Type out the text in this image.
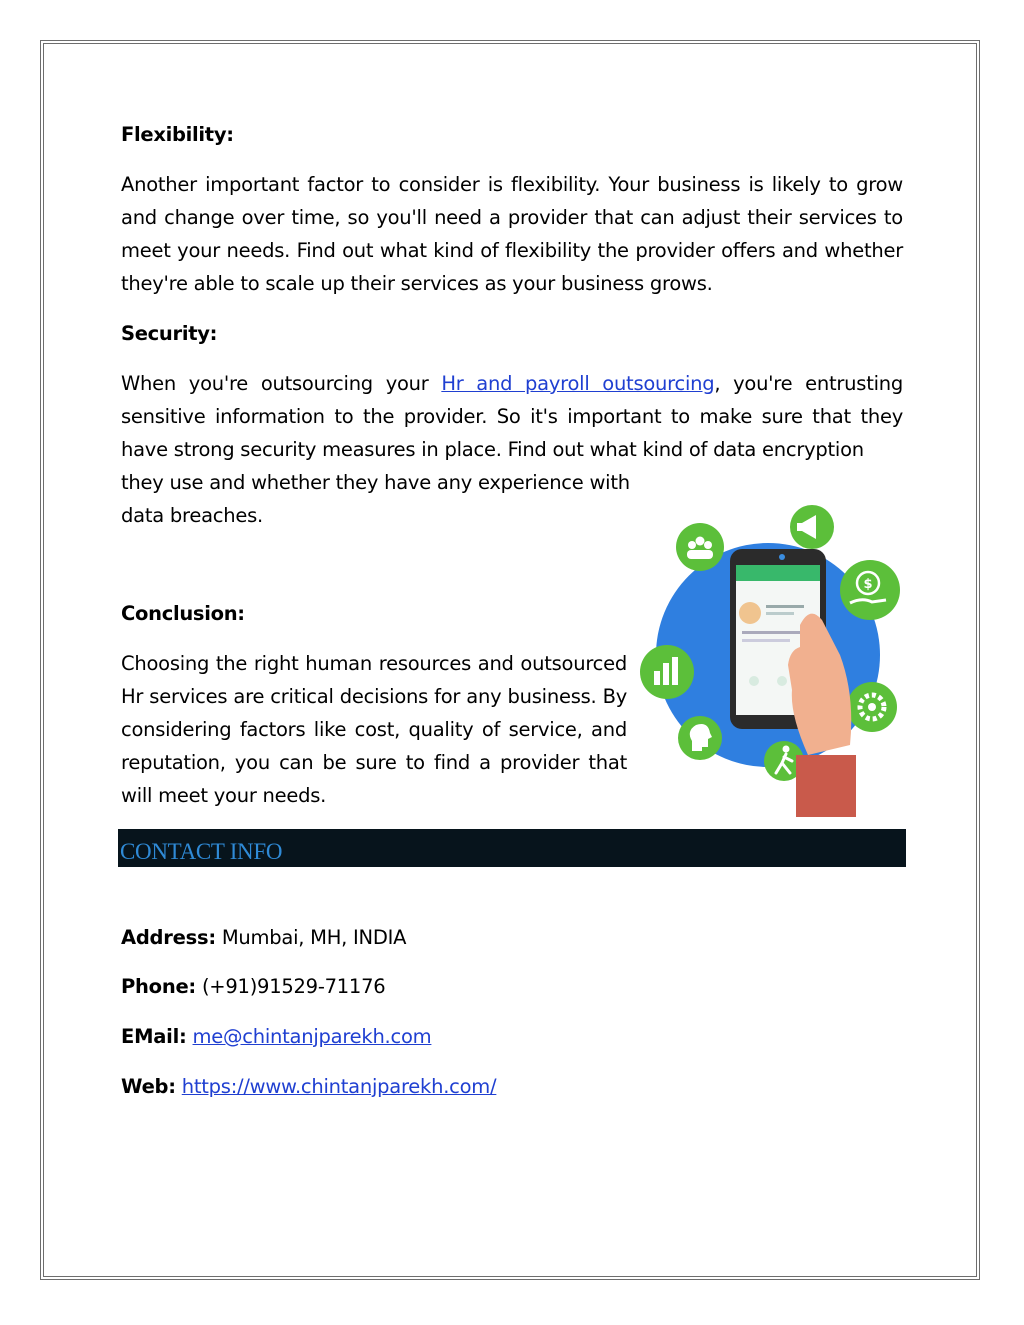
Flexibility:

Another important factor to consider is flexibility. Your business is likely to grow and change over time, so you'll need a provider that can adjust their services to meet your needs. Find out what kind of flexibility the provider offers and whether they're able to scale up their services as your business grows.

Security:

When you're outsourcing your Hr and payroll outsourcing, you're entrusting sensitive information to the provider. So it's important to make sure that they have strong security measures in place. Find out what kind of data encryption

they use and whether they have any experience with
data breaches.
Conclusion:

Choosing the right human resources and outsourced Hr services are critical decisions for any business. By considering factors like cost, quality of service, and reputation, you can be sure to find a provider that will meet your needs.

$
CONTACT INFO
Address: Mumbai, MH, INDIA
Phone: (+91)91529-71176
EMail: me@chintanjparekh.com
Web: https://www.chintanjparekh.com/
